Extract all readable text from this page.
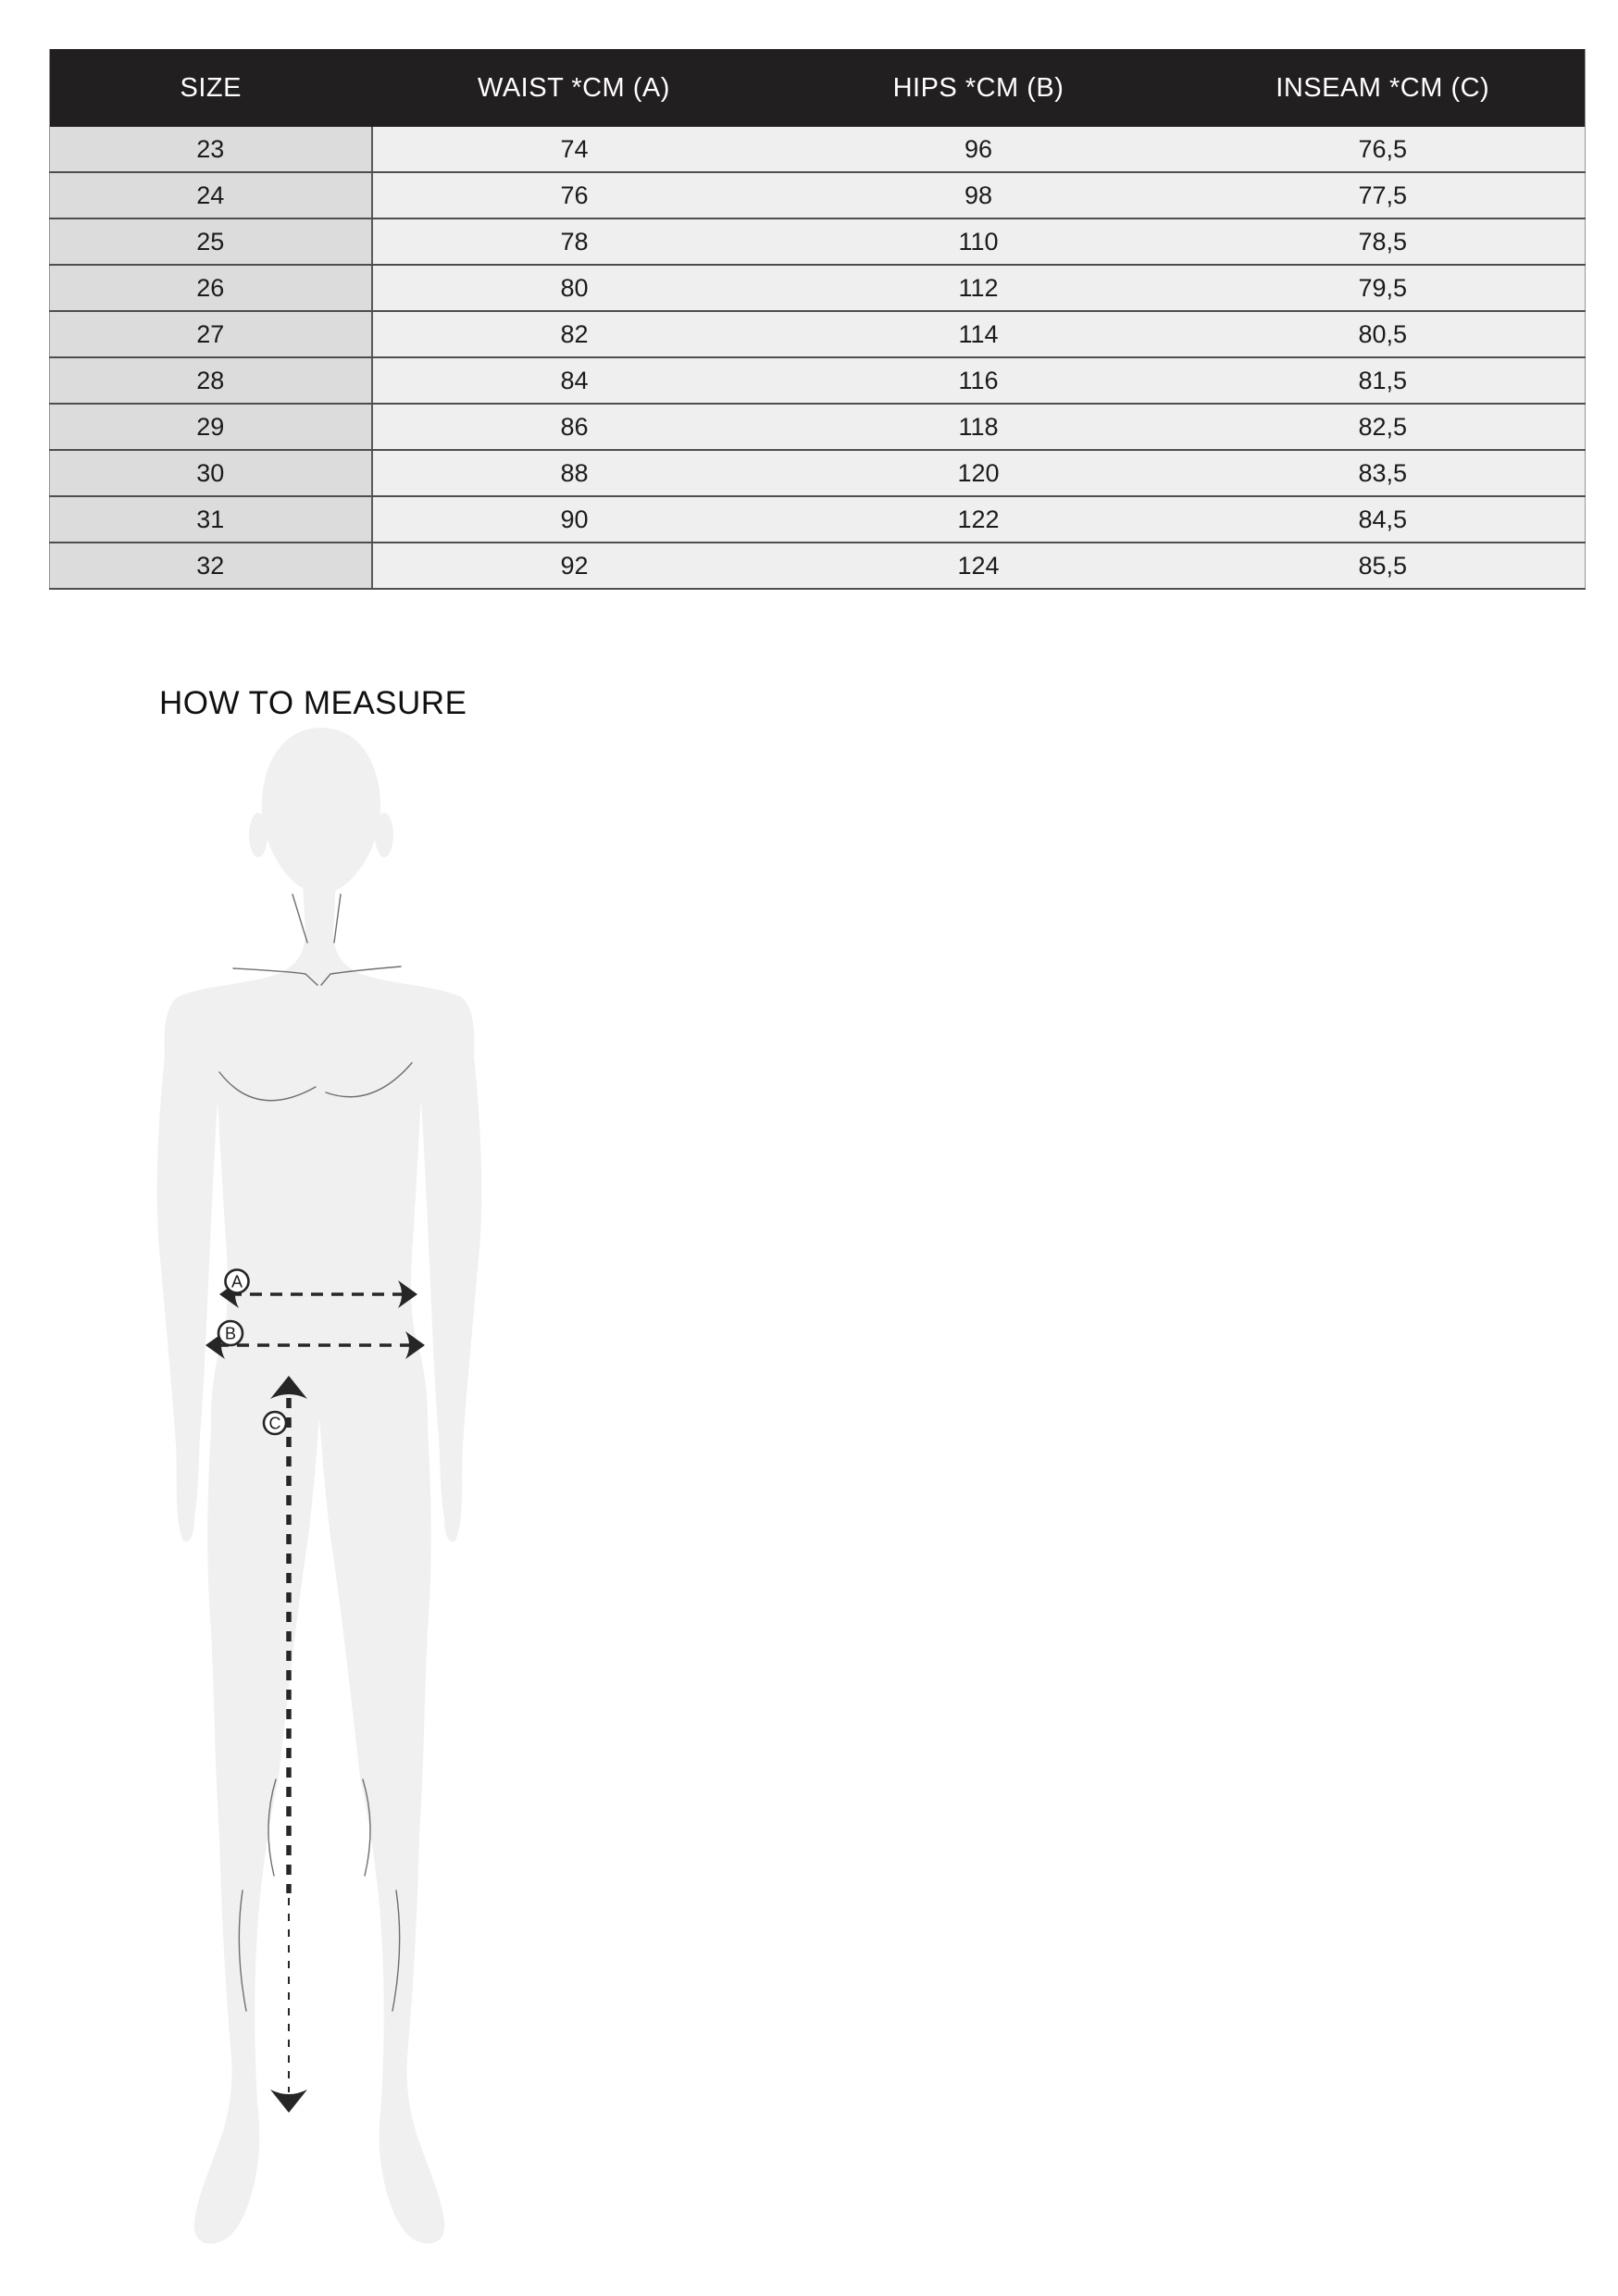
SIZE	WAIST *CM (A)	HIPS *CM (B)	INSEAM *CM (C)
23	74	96	76,5
24	76	98	77,5
25	78	110	78,5
26	80	112	79,5
27	82	114	80,5
28	84	116	81,5
29	86	118	82,5
30	88	120	83,5
31	90	122	84,5
32	92	124	85,5
HOW TO MEASURE
A
B
C
